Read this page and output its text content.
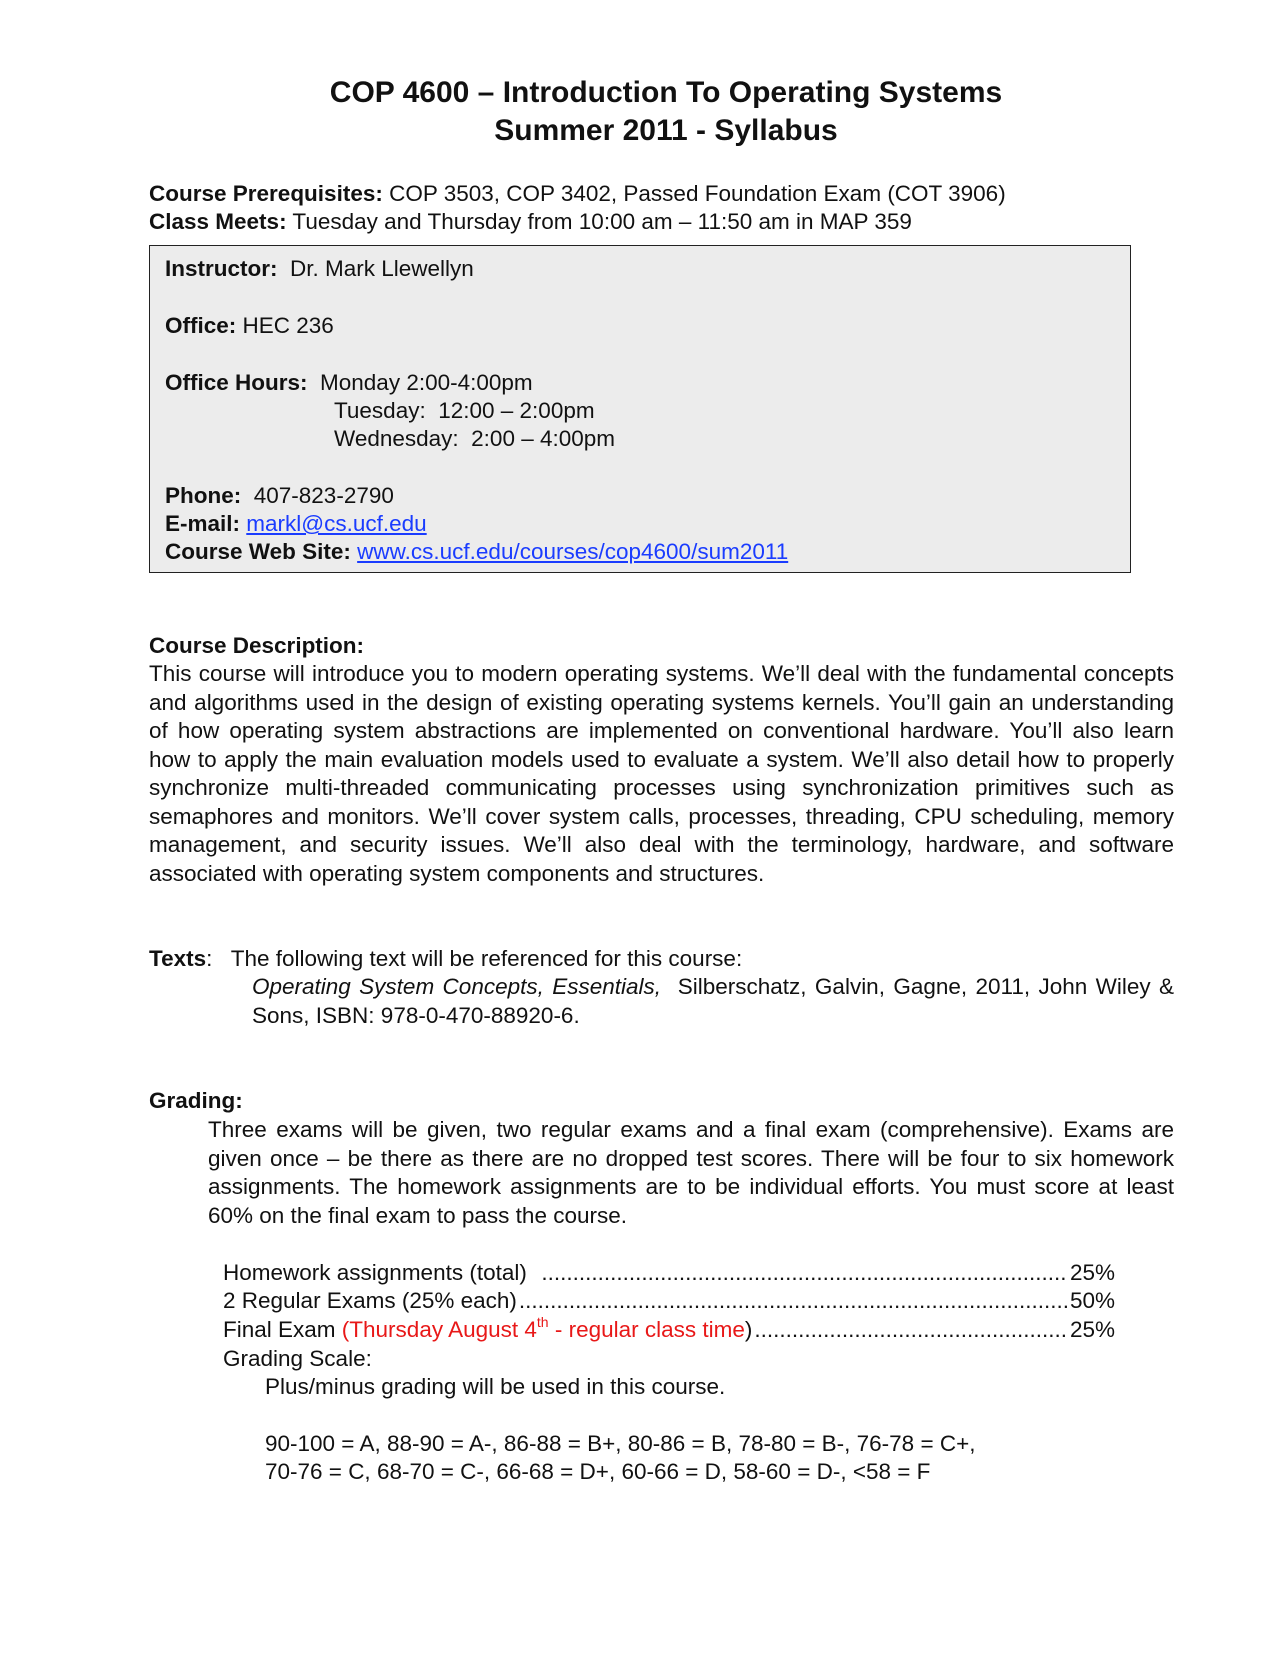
COP 4600 – Introduction To Operating Systems
Summer 2011 - Syllabus
Course Prerequisites: COP 3503, COP 3402, Passed Foundation Exam (COT 3906)
Class Meets: Tuesday and Thursday from 10:00 am – 11:50 am in MAP 359
Instructor:  Dr. Mark Llewellyn
Office: HEC 236
Office Hours:  Monday 2:00-4:00pm
Tuesday:  12:00 – 2:00pm
Wednesday:  2:00 – 4:00pm
Phone:  407-823-2790
E-mail: markl@cs.ucf.edu
Course Web Site: www.cs.ucf.edu/courses/cop4600/sum2011
Course Description:
This course will introduce you to modern operating systems. We’ll deal with the fundamental concepts and algorithms used in the design of existing operating systems kernels. You’ll gain an understanding of how operating system abstractions are implemented on conventional hardware. You’ll also learn how to apply the main evaluation models used to evaluate a system. We’ll also detail how to properly synchronize multi-threaded communicating processes using synchronization primitives such as semaphores and monitors. We’ll cover system calls, processes, threading, CPU scheduling, memory management, and security issues. We’ll also deal with the terminology, hardware, and software associated with operating system components and structures.
Texts:   The following text will be referenced for this course:
Operating System Concepts, Essentials,  Silberschatz, Galvin, Gagne, 2011, John Wiley & Sons, ISBN: 978-0-470-88920-6.
Grading:
Three exams will be given, two regular exams and a final exam (comprehensive). Exams are given once – be there as there are no dropped test scores. There will be four to six homework assignments. The homework assignments are to be individual efforts. You must score at least 60% on the final exam to pass the course.
Homework assignments (total) .....	25%
2 Regular Exams (25% each) .....	50%
Final Exam (Thursday August 4th - regular class time) .....	25%
Grading Scale:
Plus/minus grading will be used in this course.
90-100 = A, 88-90 = A-, 86-88 = B+, 80-86 = B, 78-80 = B-, 76-78 = C+,
70-76 = C, 68-70 = C-, 66-68 = D+, 60-66 = D, 58-60 = D-, <58 = F
